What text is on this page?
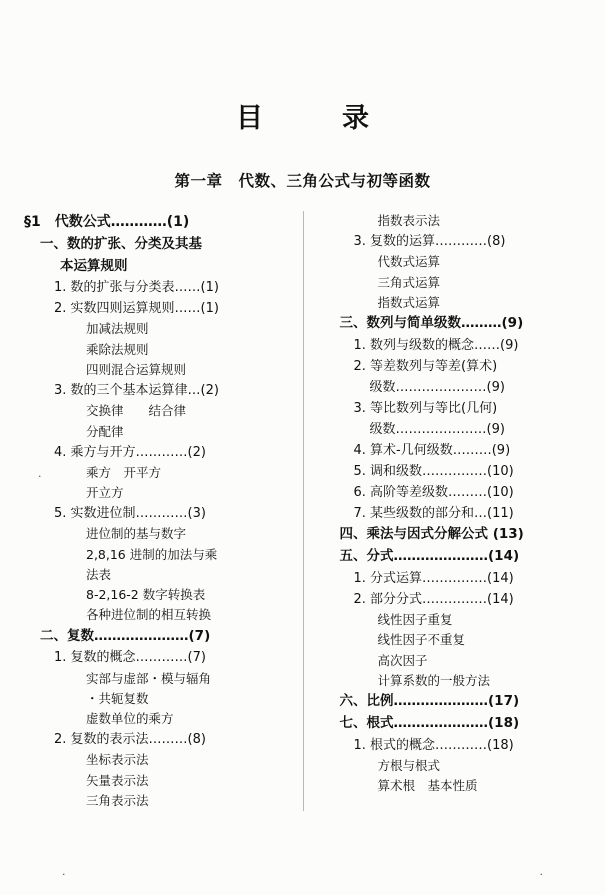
目　录
第一章　代数、三角公式与初等函数
§1　代数公式…………(1)
一、数的扩张、分类及其基
本运算规则
1. 数的扩张与分类表……(1)
2. 实数四则运算规则……(1)
加减法规则
乘除法规则
四则混合运算规则
3. 数的三个基本运算律…(2)
交换律　　结合律
分配律
4. 乘方与开方…………(2)
乘方　开平方
开立方
5. 实数进位制…………(3)
进位制的基与数字
2,8,16 进制的加法与乘
法表
8-2,16-2 数字转换表
各种进位制的相互转换
二、复数…………………(7)
1. 复数的概念…………(7)
实部与虚部・模与辐角
・共轭复数
虚数单位的乘方
2. 复数的表示法………(8)
坐标表示法
矢量表示法
三角表示法
指数表示法
3. 复数的运算…………(8)
代数式运算
三角式运算
指数式运算
三、数列与简单级数………(9)
1. 数列与级数的概念……(9)
2. 等差数列与等差(算术)
级数…………………(9)
3. 等比数列与等比(几何)
级数…………………(9)
4. 算术-几何级数………(9)
5. 调和级数……………(10)
6. 高阶等差级数………(10)
7. 某些级数的部分和…(11)
四、乘法与因式分解公式 (13)
五、分式…………………(14)
1. 分式运算……………(14)
2. 部分分式……………(14)
线性因子重复
线性因子不重复
高次因子
计算系数的一般方法
六、比例…………………(17)
七、根式…………………(18)
1. 根式的概念…………(18)
方根与根式
算术根　基本性质
·
·	·
